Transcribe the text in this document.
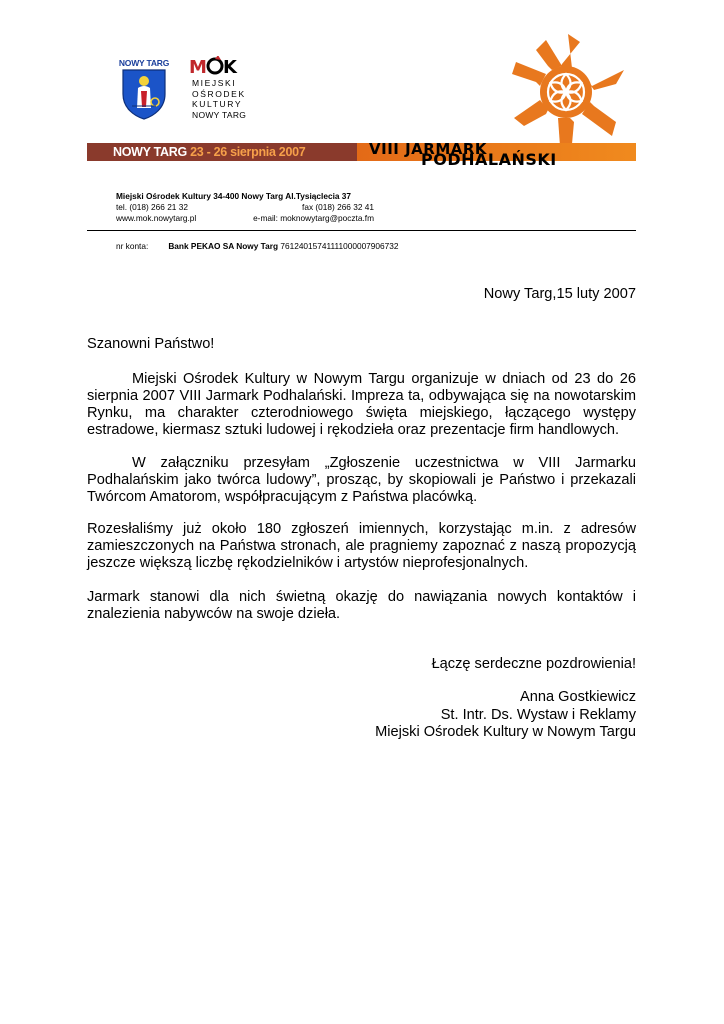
NOWY TARG M K
MIEJSKI
OŚRODEK
KULTURY
NOWY TARG
NOWY TARG 23 - 26 sierpnia 2007	VIII JARMARK
PODHALAŃSKI
Miejski Ośrodek Kultury 34-400 Nowy Targ Al.Tysiąclecia 37
tel. (018) 266 21 32	fax (018) 266 32 41
www.mok.nowytarg.pl	e-mail: moknowytarg@poczta.fm
nr konta: Bank PEKAO SA Nowy Targ 76124015741111000007906732
Nowy Targ,15 luty 2007
Szanowni Państwo!
Miejski Ośrodek Kultury w Nowym Targu organizuje w dniach od 23 do 26 sierpnia 2007 VIII Jarmark Podhalański. Impreza ta, odbywająca się na nowotarskim Rynku, ma charakter czterodniowego święta miejskiego, łączącego występy estradowe, kiermasz sztuki ludowej i rękodzieła oraz prezentacje firm handlowych.
W załączniku przesyłam „Zgłoszenie uczestnictwa w VIII Jarmarku Podhalańskim jako twórca ludowy”, prosząc, by skopiowali je Państwo i przekazali Twórcom Amatorom, współpracującym z Państwa placówką.
Rozesłaliśmy już około 180 zgłoszeń imiennych, korzystając m.in. z adresów zamieszczonych na Państwa stronach, ale pragniemy zapoznać z naszą propozycją jeszcze większą liczbę rękodzielników i artystów nieprofesjonalnych.
Jarmark stanowi dla nich świetną okazję do nawiązania nowych kontaktów i znalezienia nabywców na swoje dzieła.
Łączę serdeczne pozdrowienia!
Anna Gostkiewicz
St. Intr. Ds. Wystaw i Reklamy
Miejski Ośrodek Kultury w Nowym Targu
